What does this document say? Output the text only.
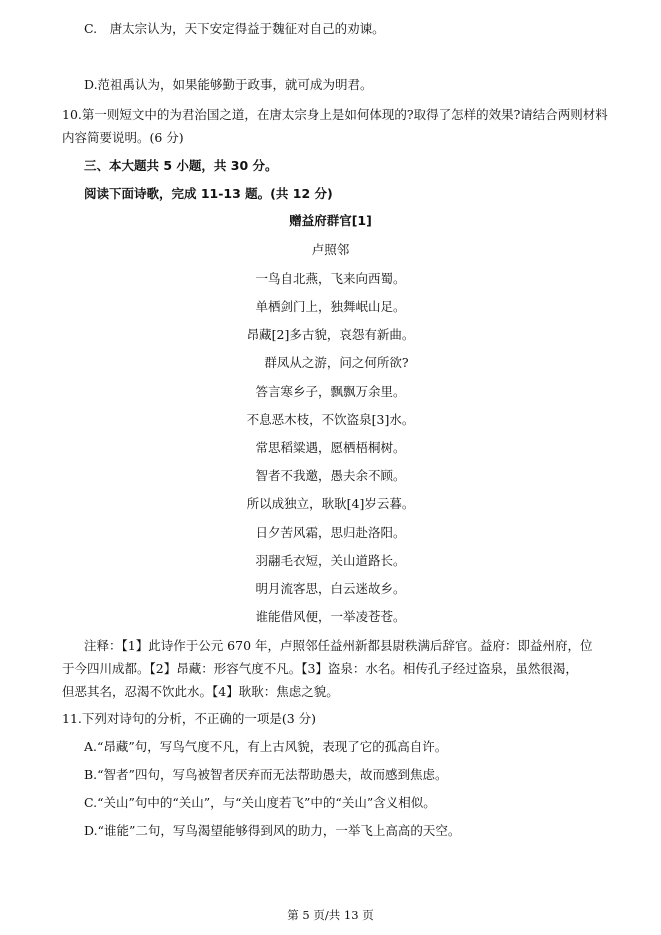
C.　唐太宗认为，天下安定得益于魏征对自己的劝谏。
D.范祖禹认为，如果能够勤于政事，就可成为明君。
10.第一则短文中的为君治国之道，在唐太宗身上是如何体现的?取得了怎样的效果?请结合两则材料
内容简要说明。(6 分)
三、本大题共 5 小题，共 30 分。
阅读下面诗歌，完成 11-13 题。(共 12 分)
赠益府群官[1]
卢照邻
一鸟自北燕，飞来向西蜀。
单栖剑门上，独舞岷山足。
昂藏[2]多古貌，哀怨有新曲。
群凤从之游，问之何所欲?
答言寒乡子，飘飘万余里。
不息恶木枝，不饮盗泉[3]水。
常思稻粱遇，愿栖梧桐树。
智者不我邀，愚夫余不顾。
所以成独立，耿耿[4]岁云暮。
日夕苦风霜，思归赴洛阳。
羽翮毛衣短，关山道路长。
明月流客思，白云迷故乡。
谁能借风便，一举凌苍苍。
注释：【1】此诗作于公元 670 年，卢照邻任益州新都县尉秩满后辞官。益府：即益州府，位
于今四川成都。【2】昂藏：形容气度不凡。【3】盗泉：水名。相传孔子经过盗泉，虽然很渴，
但恶其名，忍渴不饮此水。【4】耿耿：焦虑之貌。
11.下列对诗句的分析，不正确的一项是(3 分)
A.“昂藏”句，写鸟气度不凡，有上古风貌，表现了它的孤高自许。
B.“智者”四句，写鸟被智者厌弃而无法帮助愚夫，故而感到焦虑。
C.“关山”句中的“关山”，与“关山度若飞”中的“关山”含义相似。
D.“谁能”二句，写鸟渴望能够得到风的助力，一举飞上高高的天空。
第 5 页/共 13 页
